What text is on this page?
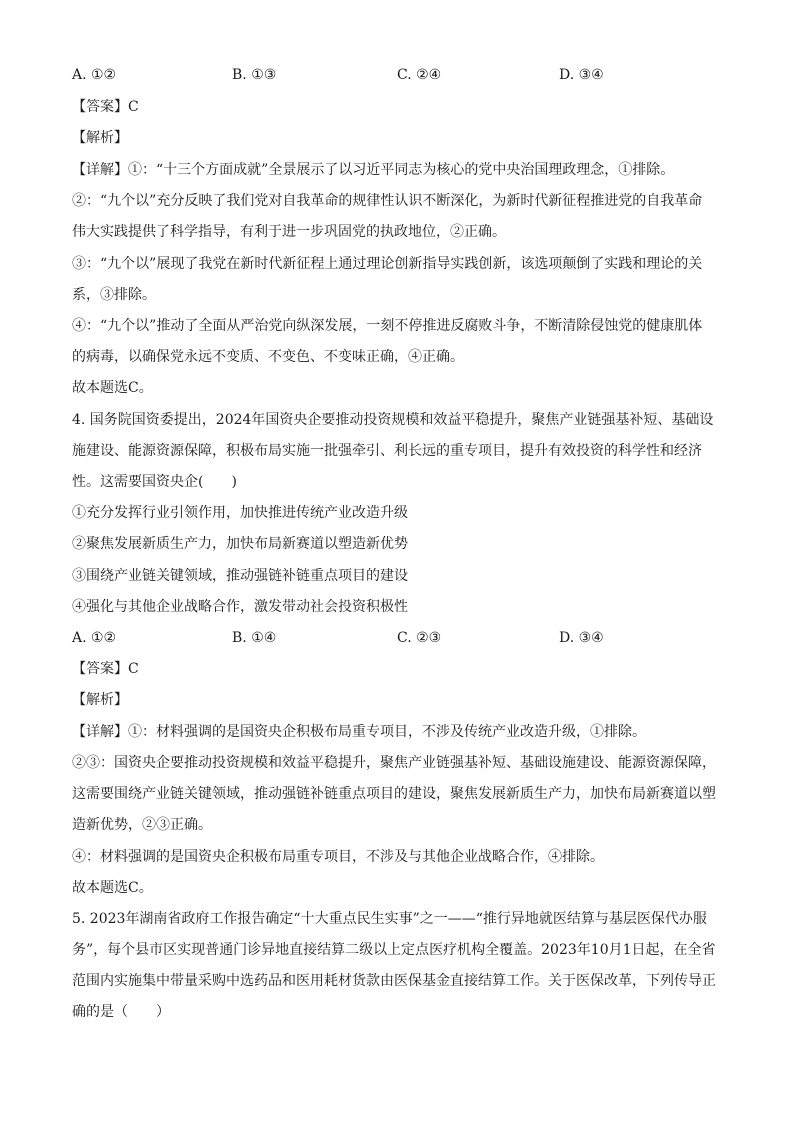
A. ①②	B. ①③	C. ②④	D. ③④
【答案】C
【解析】
【详解】①：“十三个方面成就”全景展示了以习近平同志为核心的党中央治国理政理念，①排除。
②：“九个以”充分反映了我们党对自我革命的规律性认识不断深化，为新时代新征程推进党的自我革命
伟大实践提供了科学指导，有利于进一步巩固党的执政地位，②正确。
③：“九个以”展现了我党在新时代新征程上通过理论创新指导实践创新，该选项颠倒了实践和理论的关
系，③排除。
④：“九个以”推动了全面从严治党向纵深发展，一刻不停推进反腐败斗争，不断清除侵蚀党的健康肌体
的病毒，以确保党永远不变质、不变色、不变味正确，④正确。
故本题选C。
4. 国务院国资委提出，2024年国资央企要推动投资规模和效益平稳提升，聚焦产业链强基补短、基础设
施建设、能源资源保障，积极布局实施一批强牵引、利长远的重专项目，提升有效投资的科学性和经济
性。这需要国资央企(　　)
①充分发挥行业引领作用，加快推进传统产业改造升级
②聚焦发展新质生产力，加快布局新赛道以塑造新优势
③围绕产业链关键领域，推动强链补链重点项目的建设
④强化与其他企业战略合作，激发带动社会投资积极性
A. ①②	B. ①④	C. ②③	D. ③④
【答案】C
【解析】
【详解】①：材料强调的是国资央企积极布局重专项目，不涉及传统产业改造升级，①排除。
②③：国资央企要推动投资规模和效益平稳提升，聚焦产业链强基补短、基础设施建设、能源资源保障，
这需要围绕产业链关键领域，推动强链补链重点项目的建设，聚焦发展新质生产力，加快布局新赛道以塑
造新优势，②③正确。
④：材料强调的是国资央企积极布局重专项目，不涉及与其他企业战略合作，④排除。
故本题选C。
5. 2023年湖南省政府工作报告确定“十大重点民生实事”之一——“推行异地就医结算与基层医保代办服
务”，每个县市区实现普通门诊异地直接结算二级以上定点医疗机构全覆盖。2023年10月1日起，在全省
范围内实施集中带量采购中选药品和医用耗材货款由医保基金直接结算工作。关于医保改革，下列传导正
确的是（　　）
